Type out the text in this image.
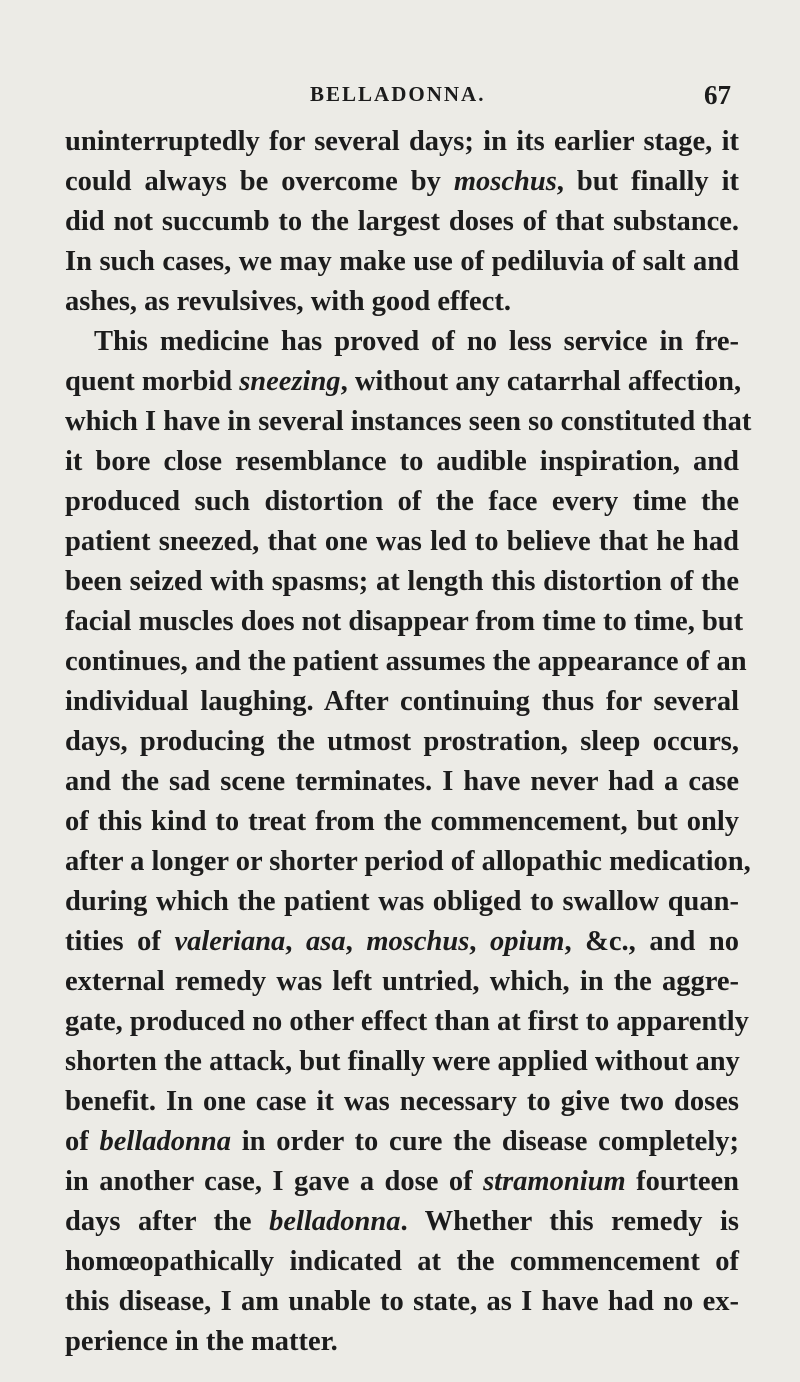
BELLADONNA.	67
uninterruptedly for several days; in its earlier stage, it
could always be overcome by moschus, but finally it
did not succumb to the largest doses of that substance.
In such cases, we may make use of pediluvia of salt and
ashes, as revulsives, with good effect.
This medicine has proved of no less service in fre-
quent morbid sneezing, without any catarrhal affection,
which I have in several instances seen so constituted that
it bore close resemblance to audible inspiration, and
produced such distortion of the face every time the
patient sneezed, that one was led to believe that he had
been seized with spasms; at length this distortion of the
facial muscles does not disappear from time to time, but
continues, and the patient assumes the appearance of an
individual laughing. After continuing thus for several
days, producing the utmost prostration, sleep occurs,
and the sad scene terminates. I have never had a case
of this kind to treat from the commencement, but only
after a longer or shorter period of allopathic medication,
during which the patient was obliged to swallow quan-
tities of valeriana, asa, moschus, opium, &c., and no
external remedy was left untried, which, in the aggre-
gate, produced no other effect than at first to apparently
shorten the attack, but finally were applied without any
benefit. In one case it was necessary to give two doses
of belladonna in order to cure the disease completely;
in another case, I gave a dose of stramonium fourteen
days after the belladonna. Whether this remedy is
homœopathically indicated at the commencement of
this disease, I am unable to state, as I have had no ex-
perience in the matter.
